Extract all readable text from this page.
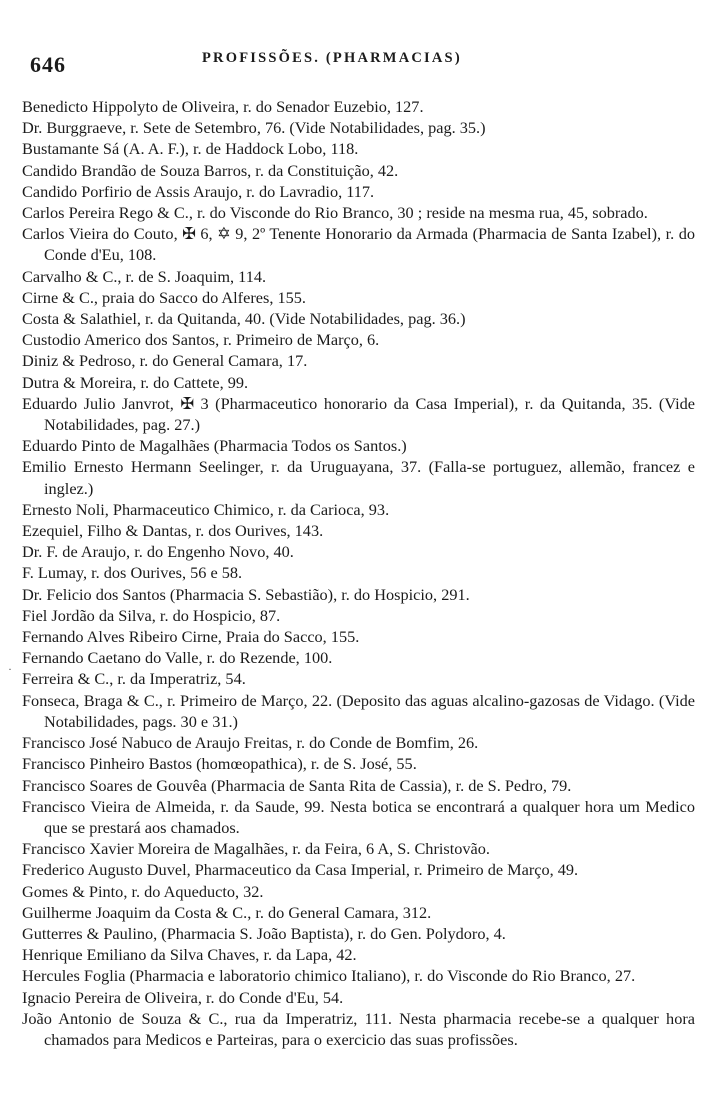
646	PROFISSÕES. (PHARMACIAS)
·

Benedicto Hippolyto de Oliveira, r. do Senador Euzebio, 127.

Dr. Burggraeve, r. Sete de Setembro, 76. (Vide Notabilidades, pag. 35.)

Bustamante Sá (A. A. F.), r. de Haddock Lobo, 118.

Candido Brandão de Souza Barros, r. da Constituição, 42.

Candido Porfirio de Assis Araujo, r. do Lavradio, 117.

Carlos Pereira Rego & C., r. do Visconde do Rio Branco, 30 ; reside na mesma rua, 45, sobrado.

Carlos Vieira do Couto, ✠ 6, ✡ 9, 2º Tenente Honorario da Armada (Pharmacia de Santa Izabel), r. do Conde d'Eu, 108.

Carvalho & C., r. de S. Joaquim, 114.

Cirne & C., praia do Sacco do Alferes, 155.

Costa & Salathiel, r. da Quitanda, 40. (Vide Notabilidades, pag. 36.)

Custodio Americo dos Santos, r. Primeiro de Março, 6.

Diniz & Pedroso, r. do General Camara, 17.

Dutra & Moreira, r. do Cattete, 99.

Eduardo Julio Janvrot, ✠ 3 (Pharmaceutico honorario da Casa Imperial), r. da Quitanda, 35. (Vide Notabilidades, pag. 27.)

Eduardo Pinto de Magalhães (Pharmacia Todos os Santos.)

Emilio Ernesto Hermann Seelinger, r. da Uruguayana, 37. (Falla-se portuguez, allemão, francez e inglez.)

Ernesto Noli, Pharmaceutico Chimico, r. da Carioca, 93.

Ezequiel, Filho & Dantas, r. dos Ourives, 143.

Dr. F. de Araujo, r. do Engenho Novo, 40.

F. Lumay, r. dos Ourives, 56 e 58.

Dr. Felicio dos Santos (Pharmacia S. Sebastião), r. do Hospicio, 291.

Fiel Jordão da Silva, r. do Hospicio, 87.

Fernando Alves Ribeiro Cirne, Praia do Sacco, 155.

Fernando Caetano do Valle, r. do Rezende, 100.

Ferreira & C., r. da Imperatriz, 54.

Fonseca, Braga & C., r. Primeiro de Março, 22. (Deposito das aguas alcalino-gazosas de Vidago. (Vide Notabilidades, pags. 30 e 31.)

Francisco José Nabuco de Araujo Freitas, r. do Conde de Bomfim, 26.

Francisco Pinheiro Bastos (homœopathica), r. de S. José, 55.

Francisco Soares de Gouvêa (Pharmacia de Santa Rita de Cassia), r. de S. Pedro, 79.

Francisco Vieira de Almeida, r. da Saude, 99. Nesta botica se encontrará a qualquer hora um Medico que se prestará aos chamados.

Francisco Xavier Moreira de Magalhães, r. da Feira, 6 A, S. Christovão.

Frederico Augusto Duvel, Pharmaceutico da Casa Imperial, r. Primeiro de Março, 49.

Gomes & Pinto, r. do Aqueducto, 32.

Guilherme Joaquim da Costa & C., r. do General Camara, 312.

Gutterres & Paulino, (Pharmacia S. João Baptista), r. do Gen. Polydoro, 4.

Henrique Emiliano da Silva Chaves, r. da Lapa, 42.

Hercules Foglia (Pharmacia e laboratorio chimico Italiano), r. do Visconde do Rio Branco, 27.

Ignacio Pereira de Oliveira, r. do Conde d'Eu, 54.

João Antonio de Souza & C., rua da Imperatriz, 111. Nesta pharmacia recebe-se a qualquer hora chamados para Medicos e Parteiras, para o exercicio das suas profissões.
